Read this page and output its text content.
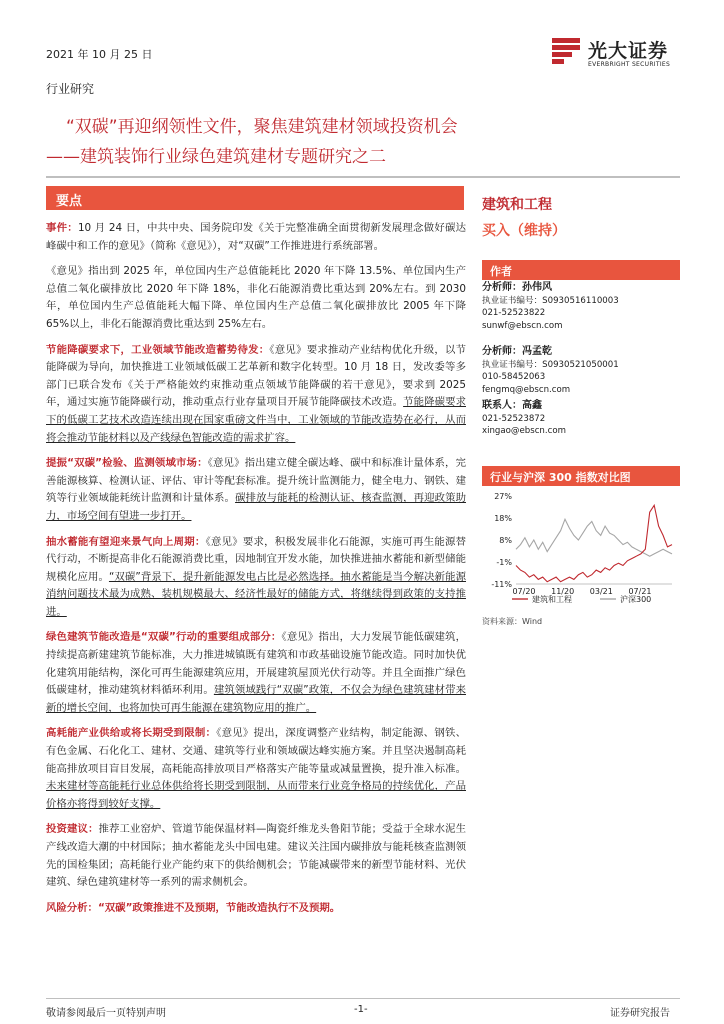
2021 年 10 月 25 日
行业研究
光大证券
EVERBRIGHT SECURITIES
“双碳”再迎纲领性文件，聚焦建筑建材领域投资机会
——建筑装饰行业绿色建筑建材专题研究之二
要点

事件：10 月 24 日，中共中央、国务院印发《关于完整准确全面贯彻新发展理念做好碳达峰碳中和工作的意见》（简称《意见》），对“双碳”工作推进进行系统部署。

《意见》指出到 2025 年，单位国内生产总值能耗比 2020 年下降 13.5%、单位国内生产总值二氧化碳排放比 2020 年下降 18%，非化石能源消费比重达到 20%左右。到 2030 年，单位国内生产总值能耗大幅下降、单位国内生产总值二氧化碳排放比 2005 年下降 65%以上，非化石能源消费比重达到 25%左右。

节能降碳要求下，工业领域节能改造蓄势待发：《意见》要求推动产业结构优化升级，以节能降碳为导向，加快推进工业领域低碳工艺革新和数字化转型。10 月 18 日，发改委等多部门已联合发布《关于严格能效约束推动重点领域节能降碳的若干意见》，要求到 2025 年，通过实施节能降碳行动，推动重点行业存量项目开展节能降碳技术改造。节能降碳要求下的低碳工艺技术改造连续出现在国家重磅文件当中，工业领域的节能改造势在必行，从而将会推动节能材料以及产线绿色智能改造的需求扩容。

提振“双碳”检验、监测领域市场：《意见》指出建立健全碳达峰、碳中和标准计量体系，完善能源核算、检测认证、评估、审计等配套标准。提升统计监测能力，健全电力、钢铁、建筑等行业领域能耗统计监测和计量体系。碳排放与能耗的检测认证、核查监测，再迎政策助力，市场空间有望进一步打开。

抽水蓄能有望迎来景气向上周期：《意见》要求，积极发展非化石能源，实施可再生能源替代行动，不断提高非化石能源消费比重，因地制宜开发水能，加快推进抽水蓄能和新型储能规模化应用。“双碳”背景下，提升新能源发电占比是必然选择。抽水蓄能是当今解决新能源消纳问题技术最为成熟、装机规模最大、经济性最好的储能方式，将继续得到政策的支持推进。

绿色建筑节能改造是“双碳”行动的重要组成部分：《意见》指出，大力发展节能低碳建筑，持续提高新建建筑节能标准，大力推进城镇既有建筑和市政基础设施节能改造。同时加快优化建筑用能结构，深化可再生能源建筑应用，开展建筑屋顶光伏行动等。并且全面推广绿色低碳建材，推动建筑材料循环利用。建筑领域践行“双碳”政策，不仅会为绿色建筑建材带来新的增长空间，也将加快可再生能源在建筑物应用的推广。

高耗能产业供给或将长期受到限制：《意见》提出，深度调整产业结构，制定能源、钢铁、有色金属、石化化工、建材、交通、建筑等行业和领域碳达峰实施方案。并且坚决遏制高耗能高排放项目盲目发展，高耗能高排放项目严格落实产能等量或减量置换，提升准入标准。未来建材等高能耗行业总体供给将长期受到限制，从而带来行业竞争格局的持续优化，产品价格亦将得到较好支撑。

投资建议：推荐工业窑炉、管道节能保温材料—陶瓷纤维龙头鲁阳节能；受益于全球水泥生产线改造大潮的中材国际；抽水蓄能龙头中国电建。建议关注国内碳排放与能耗核查监测领先的国检集团；高耗能行业产能约束下的供给侧机会；节能减碳带来的新型节能材料、光伏建筑、绿色建筑建材等一系列的需求侧机会。

风险分析：“双碳”政策推进不及预期，节能改造执行不及预期。

建筑和工程
买入（维持）
作者
分析师：孙伟风
执业证书编号：S0930516110003
021-52523822
sunwf@ebscn.com
分析师：冯孟乾
执业证书编号：S0930521050001
010-58452063
fengmq@ebscn.com
联系人：高鑫
021-52523872
xingao@ebscn.com
行业与沪深 300 指数对比图
27%
18%
8%
-1%
-11%
07/20 11/20 03/21 07/21
建筑和工程	沪深300
资料来源：Wind
敬请参阅最后一页特别声明	-1-	证券研究报告
